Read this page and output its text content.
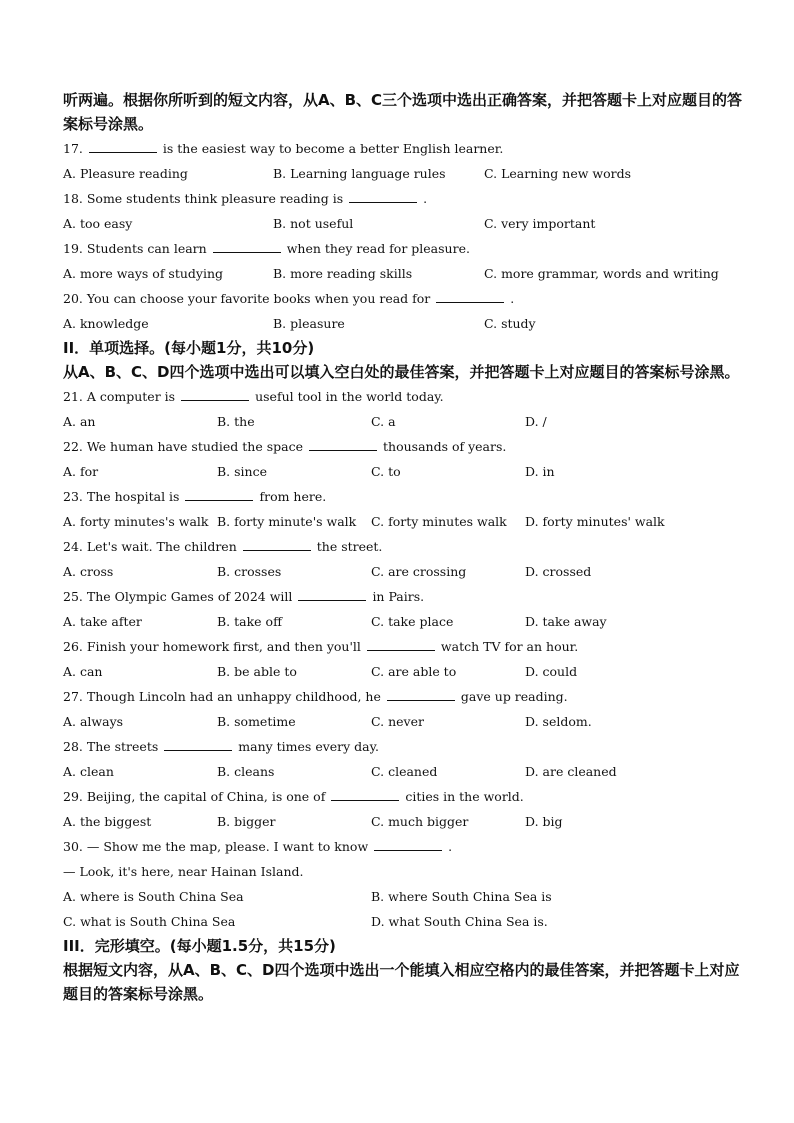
听两遍。根据你所听到的短文内容，从A、B、C三个选项中选出正确答案，并把答题卡上对应题目的答案标号涂黑。

17.	is the easiest way to become a better English learner.
A. Pleasure reading	B. Learning language rules	C. Learning new words
18. Some students think pleasure reading is	.
A. too easy	B. not useful	C. very important
19. Students can learn	when they read for pleasure.
A. more ways of studying	B. more reading skills	C. more grammar, words and writing
20. You can choose your favorite books when you read for	.
A. knowledge	B. pleasure	C. study

II．单项选择。(每小题1分，共10分)

从A、B、C、D四个选项中选出可以填入空白处的最佳答案，并把答题卡上对应题目的答案标号涂黑。

21. A computer is	useful tool in the world today.
A. an	B. the	C. a	D. /
22. We human have studied the space	thousands of years.
A. for	B. since	C. to	D. in
23. The hospital is	from here.
A. forty minutes's walk B. forty minute's walk C. forty minutes walk D. forty minutes' walk
24. Let's wait. The children	the street.
A. cross	B. crosses	C. are crossing	D. crossed
25. The Olympic Games of 2024 will	in Pairs.
A. take after	B. take off	C. take place	D. take away
26. Finish your homework first, and then you'll	watch TV for an hour.
A. can	B. be able to	C. are able to	D. could
27. Though Lincoln had an unhappy childhood, he	gave up reading.
A. always	B. sometime	C. never	D. seldom.
28. The streets	many times every day.
A. clean	B. cleans	C. cleaned	D. are cleaned
29. Beijing, the capital of China, is one of	cities in the world.
A. the biggest	B. bigger	C. much bigger	D. big
30. — Show me the map, please. I want to know	.
— Look, it's here, near Hainan Island.
A. where is South China Sea	B. where South China Sea is
C. what is South China Sea	D. what South China Sea is.

III．完形填空。(每小题1.5分，共15分)

根据短文内容，从A、B、C、D四个选项中选出一个能填入相应空格内的最佳答案，并把答题卡上对应题目的答案标号涂黑。
